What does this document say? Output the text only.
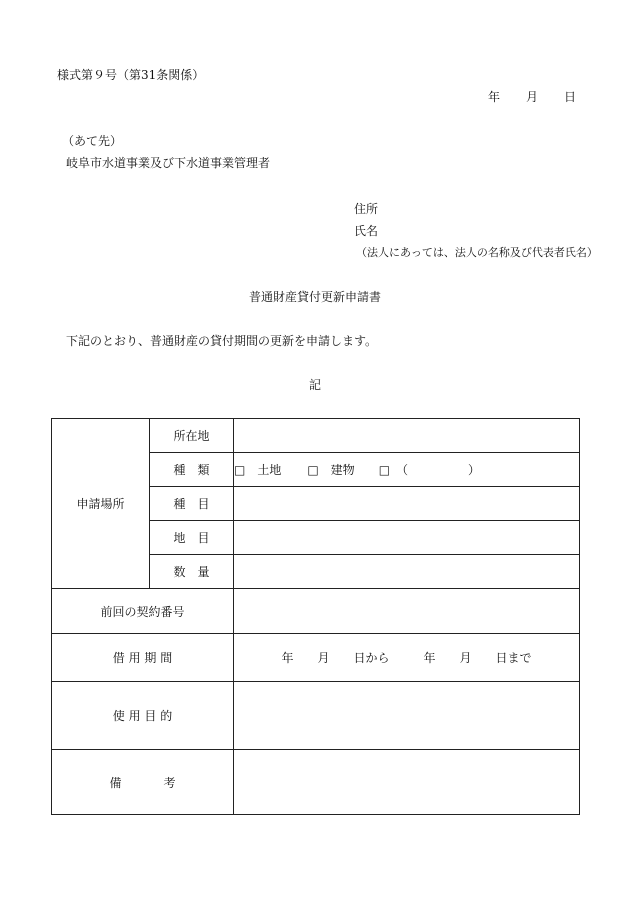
様式第９号（第31条関係）
年 月 日
（あて先）
岐阜市水道事業及び下水道事業管理者
住所
氏名
（法人にあっては、法人の名称及び代表者氏名）
普通財産貸付更新申請書
下記のとおり、普通財産の貸付期間の更新を申請します。
記
申請場所	所在地	
	種　類	□　土地 □　建物 □　（　　　　　）
	種　目	
	地　目	
	数　量	
前回の契約番号		
借 用 期 間		年 月 日から 年 月 日まで
使 用 目 的		
備 考		
